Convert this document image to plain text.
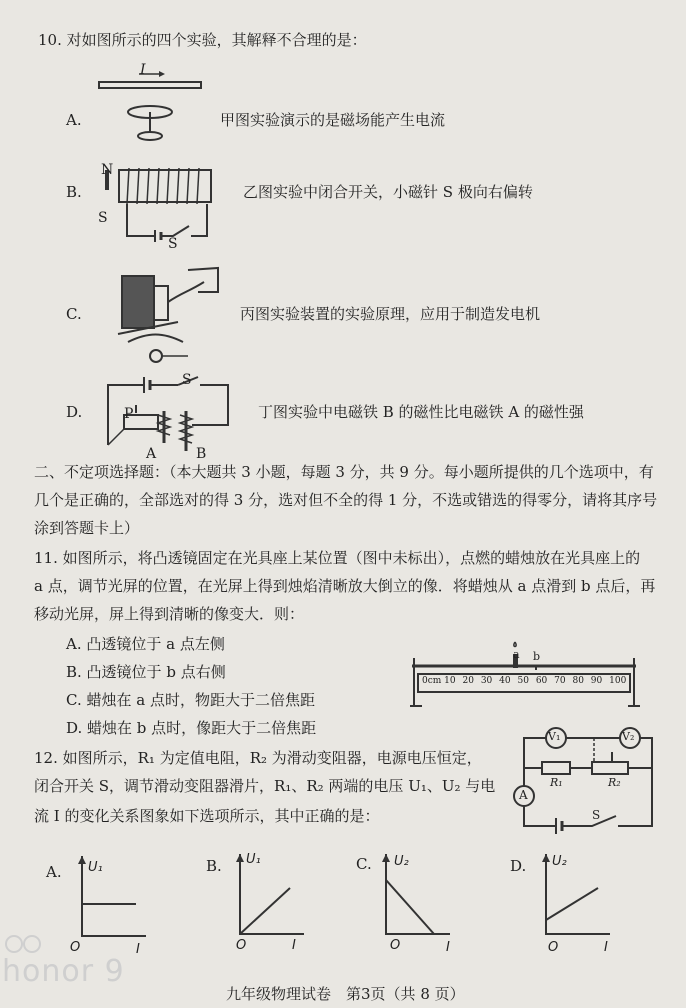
10. 对如图所示的四个实验，其解释不合理的是：
I
A.	甲图实验演示的是磁场能产生电流
N
S
S
B.	乙图实验中闭合开关，小磁针 S 极向右偏转
C.	丙图实验装置的实验原理，应用于制造发电机
S
P
A	B
D.	丁图实验中电磁铁 B 的磁性比电磁铁 A 的磁性强
二、不定项选择题：（本大题共 3 小题，每题 3 分，共 9 分。每小题所提供的几个选项中，有
几个是正确的，全部选对的得 3 分，选对但不全的得 1 分，不选或错选的得零分，请将其序号
涂到答题卡上）
11. 如图所示，将凸透镜固定在光具座上某位置（图中未标出），点燃的蜡烛放在光具座上的
a 点，调节光屏的位置，在光屏上得到烛焰清晰放大倒立的像．将蜡烛从 a 点滑到 b 点后，再
移动光屏，屏上得到清晰的像变大．则：
A. 凸透镜位于 a 点左侧
B. 凸透镜位于 b 点右侧
C. 蜡烛在 a 点时，物距大于二倍焦距
D. 蜡烛在 b 点时，像距大于二倍焦距
a b
0cm 10 20 30 40 50 60 70 80 90 100
12. 如图所示，R₁ 为定值电阻，R₂ 为滑动变阻器，电源电压恒定，
闭合开关 S，调节滑动变阻器滑片，R₁、R₂ 两端的电压 U₁、U₂ 与电
流 I 的变化关系图象如下选项所示，其中正确的是：
V₁	V₂
R₁	R₂
A
S
A. U₁
O	I
B. U₁
O	I
C. U₂
O	I
D. U₂
O	I
honor 9
九年级物理试卷　第3页（共 8 页）
